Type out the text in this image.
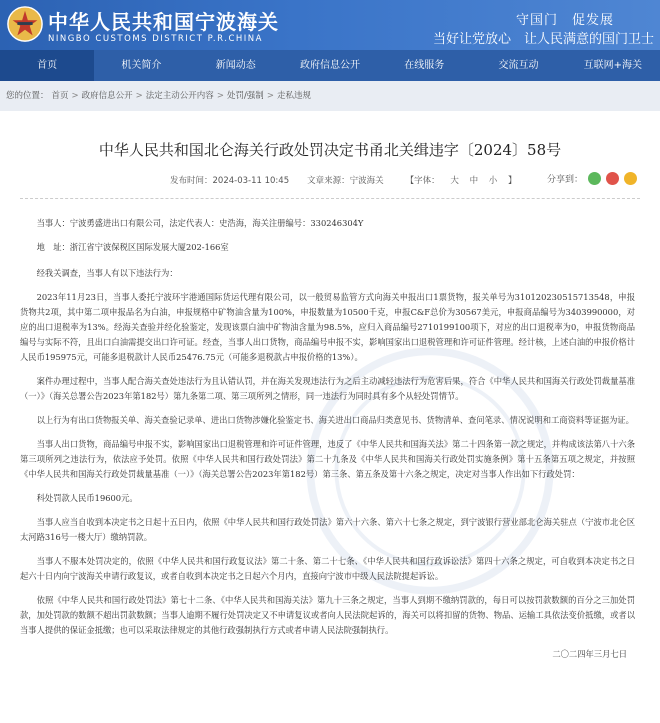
中华人民共和国宁波海关
NINGBO CUSTOMS DISTRICT P.R.CHINA
守国门　促发展
当好让党放心　让人民满意的国门卫士
首页	机关简介	新闻动态	政府信息公开	在线服务	交流互动	互联网+海关
您的位置： 首页 > 政府信息公开 > 法定主动公开内容 > 处罚/强制 > 走私违规
中华人民共和国北仑海关行政处罚决定书甬北关缉违字〔2024〕58号
发布时间：2024-03-11 10:45 文章来源：宁波海关	【字体： 大 中 小 】	分享到：

当事人：宁波勇盛进出口有限公司，法定代表人：史浩海，海关注册编号：330246304Y

地　址：浙江省宁波保税区国际发展大厦202-166室

经我关调查，当事人有以下违法行为：

2023年11月23日，当事人委托宁波环宇港通国际货运代理有限公司，以一般贸易监管方式向海关申报出口1票货物，报关单号为310120230515713548，申报货物共2项，其中第二项申报品名为白油，申报规格中矿物油含量为100%，申报数量为10500千克，申报C&F总价为30567美元，申报商品编号为3403990000，对应的出口退税率为13%。经海关查验并经化验鉴定，发现该票白油中矿物油含量为98.5%，应归入商品编号2710199100项下，对应的出口退税率为0，申报货物商品编号与实际不符，且出口白油需提交出口许可证。经查，当事人出口货物，商品编号申报不实，影响国家出口退税管理和许可证件管理。经计核，上述白油的申报价格计人民币195975元，可能多退税款计人民币25476.75元（可能多退税款占申报价格的13%）。

案件办理过程中，当事人配合海关查处违法行为且认错认罚，并在海关发现违法行为之后主动减轻违法行为危害后果，符合《中华人民共和国海关行政处罚裁量基准（一）》（海关总署公告2023年第182号）第九条第二项、第三项所列之情形，同一违法行为同时具有多个从轻处罚情节。

以上行为有出口货物报关单、海关查验记录单、进出口货物涉嫌化验鉴定书、海关进出口商品归类意见书、货物清单、查问笔录、情况说明和工商资料等证据为证。

当事人出口货物，商品编号申报不实，影响国家出口退税管理和许可证件管理，违反了《中华人民共和国海关法》第二十四条第一款之规定，并构成该法第八十六条第三项所列之违法行为，依法应予处罚。依照《中华人民共和国行政处罚法》第二十九条及《中华人民共和国海关行政处罚实施条例》第十五条第五项之规定，并按照《中华人民共和国海关行政处罚裁量基准（一）》（海关总署公告2023年第182号）第三条、第五条及第十六条之规定，决定对当事人作出如下行政处罚：

科处罚款人民币19600元。

当事人应当自收到本决定书之日起十五日内，依照《中华人民共和国行政处罚法》第六十六条、第六十七条之规定，到宁波银行营业部北仑海关驻点（宁波市北仑区太河路316号一楼大厅）缴纳罚款。

当事人不服本处罚决定的，依照《中华人民共和国行政复议法》第二十条、第二十七条、《中华人民共和国行政诉讼法》第四十六条之规定，可自收到本决定书之日起六十日内向宁波海关申请行政复议，或者自收到本决定书之日起六个月内，直接向宁波市中级人民法院提起诉讼。

依照《中华人民共和国行政处罚法》第七十二条、《中华人民共和国海关法》第九十三条之规定，当事人到期不缴纳罚款的，每日可以按罚款数额的百分之三加处罚款，加处罚款的数额不超出罚款数额；当事人逾期不履行处罚决定又不申请复议或者向人民法院起诉的，海关可以将扣留的货物、物品、运输工具依法变价抵缴，或者以当事人提供的保证金抵缴；也可以采取法律规定的其他行政强制执行方式或者申请人民法院强制执行。

二〇二四年三月七日
